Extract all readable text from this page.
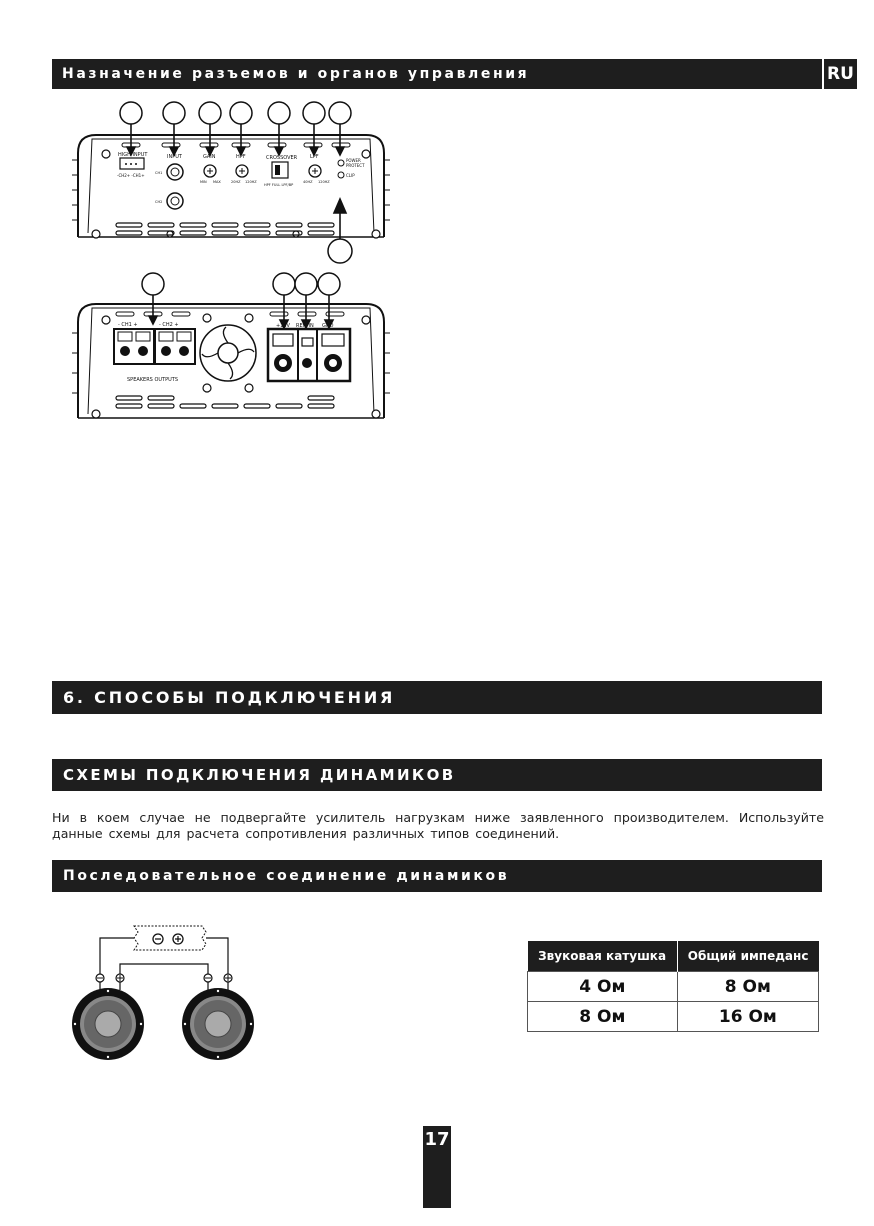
Назначение разъемов и органов управления	RU
HIGH INPUT
-CH2+ -CH1+
INPUT
CH1
CH2
GAIN
MIN MAX
HPF
20HZ 120HZ
CROSSOVER
HPF FULL LPF/BP
LPF
40HZ 120HZ
POWER
PROTECT
CLIP
- CH1 +	- CH2 +
SPEAKERS OUTPUTS
+12V REM IN GND
6. СПОСОБЫ ПОДКЛЮЧЕНИЯ
СХЕМЫ ПОДКЛЮЧЕНИЯ ДИНАМИКОВ
Ни в коем случае не подвергайте усилитель нагрузкам ниже заявленного производителем. Используйте данные схемы для расчета сопротивления различных типов соединений.
Последовательное соединение динамиков
Звуковая катушка	Общий импеданс
4 Ом	8 Ом
8 Ом	16 Ом
17
